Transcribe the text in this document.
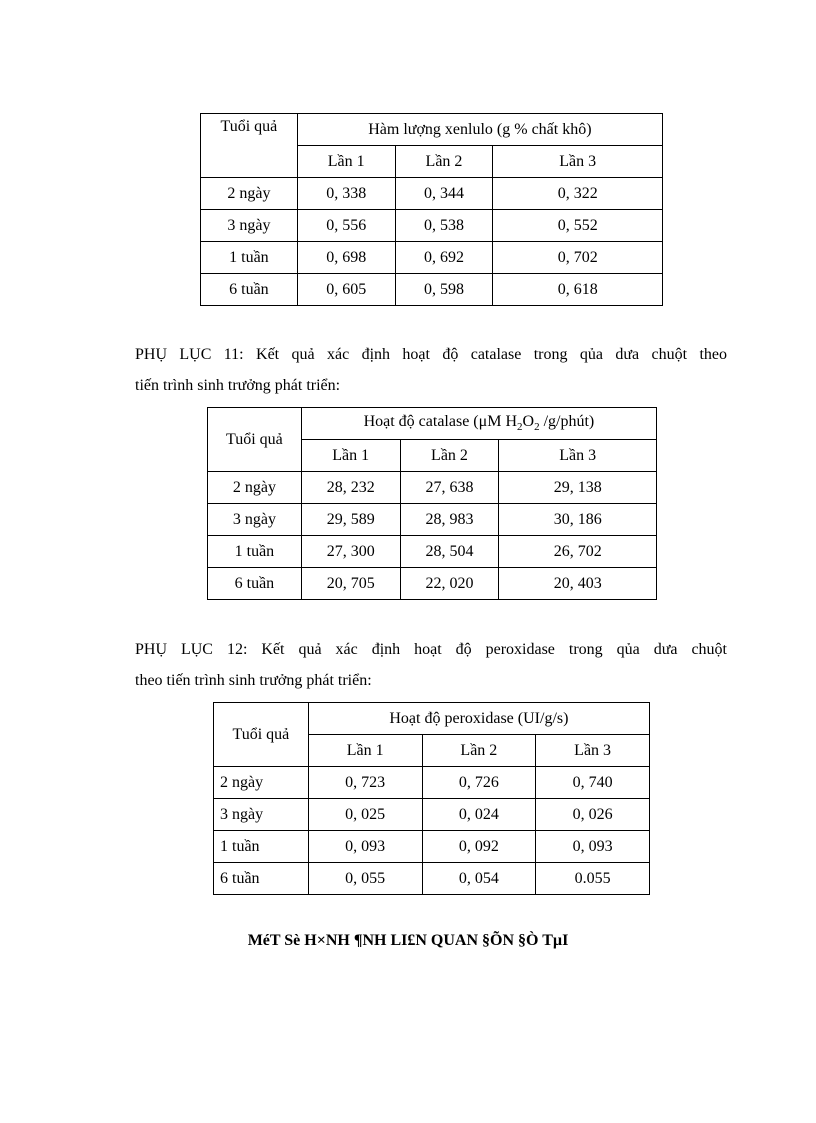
Tuổi quả	Hàm lượng xenlulo (g % chất khô)		
	Lần 1	Lần 2	Lần 3
2 ngày	0, 338	0, 344	0, 322
3 ngày	0, 556	0, 538	0, 552
1 tuần	0, 698	0, 692	0, 702
6 tuần	0, 605	0, 598	0, 618
PHỤ LỤC 11: Kết quả xác định hoạt độ catalase trong qủa dưa chuột theo
tiến trình sinh trưởng phát triển:
Tuổi quả	Hoạt độ catalase (μM $H_2O_2$ /g/phút)		
	Lần 1	Lần 2	Lần 3
2 ngày	28, 232	27, 638	29, 138
3 ngày	29, 589	28, 983	30, 186
1 tuần	27, 300	28, 504	26, 702
6 tuần	20, 705	22, 020	20, 403
PHỤ LỤC 12: Kết quả xác định hoạt độ peroxidase trong qủa dưa chuột
theo tiến trình sinh trưởng phát triển:
Tuổi quả	Hoạt độ peroxidase (UI/g/s)		
	Lần 1	Lần 2	Lần 3
2 ngày	0, 723	0, 726	0, 740
3 ngày	0, 025	0, 024	0, 026
1 tuần	0, 093	0, 092	0, 093
6 tuần	0, 055	0, 054	0.055
MéT Sè H×NH ¶NH LI£N QUAN §ÕN §Ò TµI
